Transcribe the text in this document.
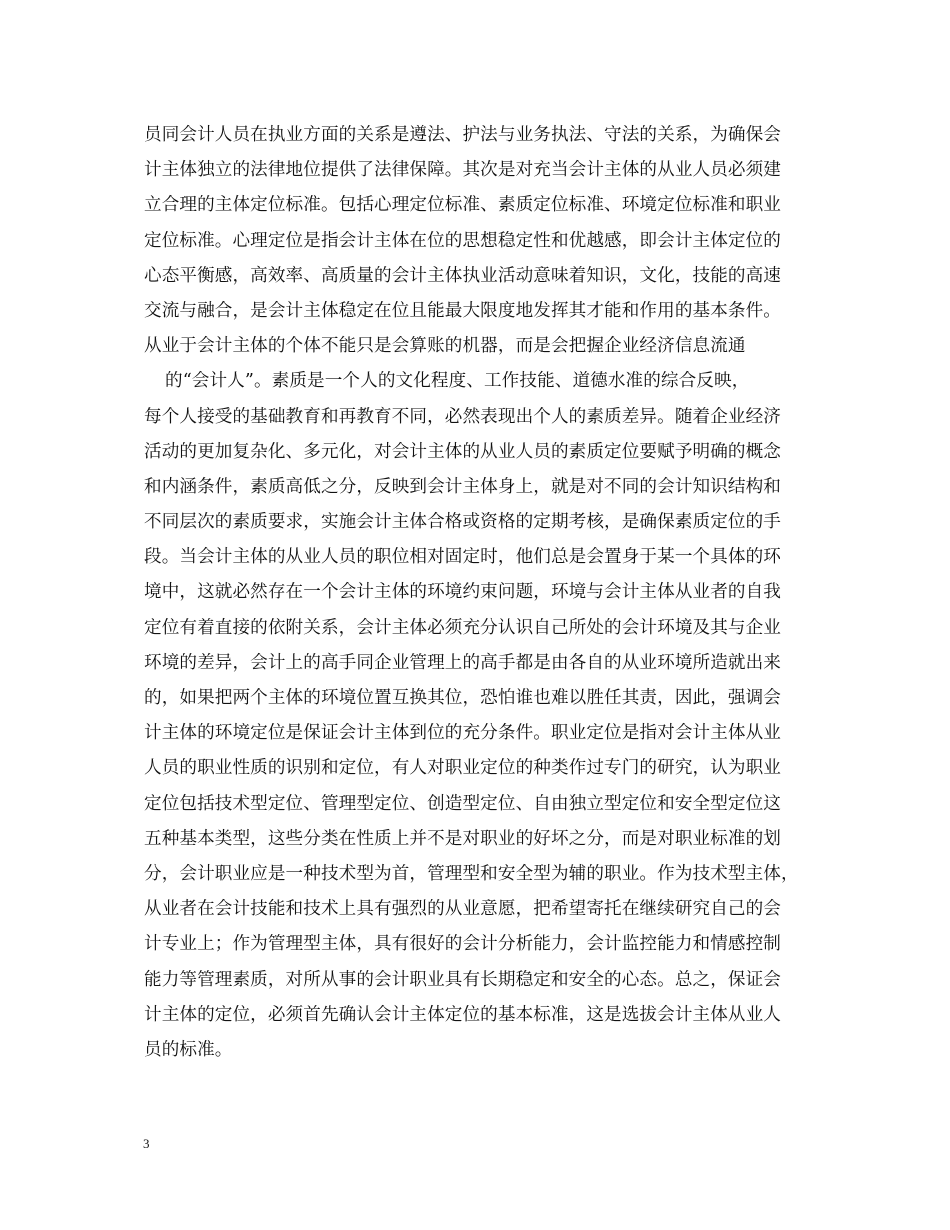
员同会计人员在执业方面的关系是遵法、护法与业务执法、守法的关系，为确保会
计主体独立的法律地位提供了法律保障。其次是对充当会计主体的从业人员必须建
立合理的主体定位标准。包括心理定位标准、素质定位标准、环境定位标准和职业
定位标准。心理定位是指会计主体在位的思想稳定性和优越感，即会计主体定位的
心态平衡感，高效率、高质量的会计主体执业活动意味着知识，文化，技能的高速
交流与融合，是会计主体稳定在位且能最大限度地发挥其才能和作用的基本条件。
从业于会计主体的个体不能只是会算账的机器，而是会把握企业经济信息流通
的“会计人”。素质是一个人的文化程度、工作技能、道德水准的综合反映，
每个人接受的基础教育和再教育不同，必然表现出个人的素质差异。随着企业经济
活动的更加复杂化、多元化，对会计主体的从业人员的素质定位要赋予明确的概念
和内涵条件，素质高低之分，反映到会计主体身上，就是对不同的会计知识结构和
不同层次的素质要求，实施会计主体合格或资格的定期考核，是确保素质定位的手
段。当会计主体的从业人员的职位相对固定时，他们总是会置身于某一个具体的环
境中，这就必然存在一个会计主体的环境约束问题，环境与会计主体从业者的自我
定位有着直接的依附关系，会计主体必须充分认识自己所处的会计环境及其与企业
环境的差异，会计上的高手同企业管理上的高手都是由各自的从业环境所造就出来
的，如果把两个主体的环境位置互换其位，恐怕谁也难以胜任其责，因此，强调会
计主体的环境定位是保证会计主体到位的充分条件。职业定位是指对会计主体从业
人员的职业性质的识别和定位，有人对职业定位的种类作过专门的研究，认为职业
定位包括技术型定位、管理型定位、创造型定位、自由独立型定位和安全型定位这
五种基本类型，这些分类在性质上并不是对职业的好坏之分，而是对职业标准的划
分，会计职业应是一种技术型为首，管理型和安全型为辅的职业。作为技术型主体，
从业者在会计技能和技术上具有强烈的从业意愿，把希望寄托在继续研究自己的会
计专业上；作为管理型主体，具有很好的会计分析能力，会计监控能力和情感控制
能力等管理素质，对所从事的会计职业具有长期稳定和安全的心态。总之，保证会
计主体的定位，必须首先确认会计主体定位的基本标准，这是选拔会计主体从业人
员的标准。
3
